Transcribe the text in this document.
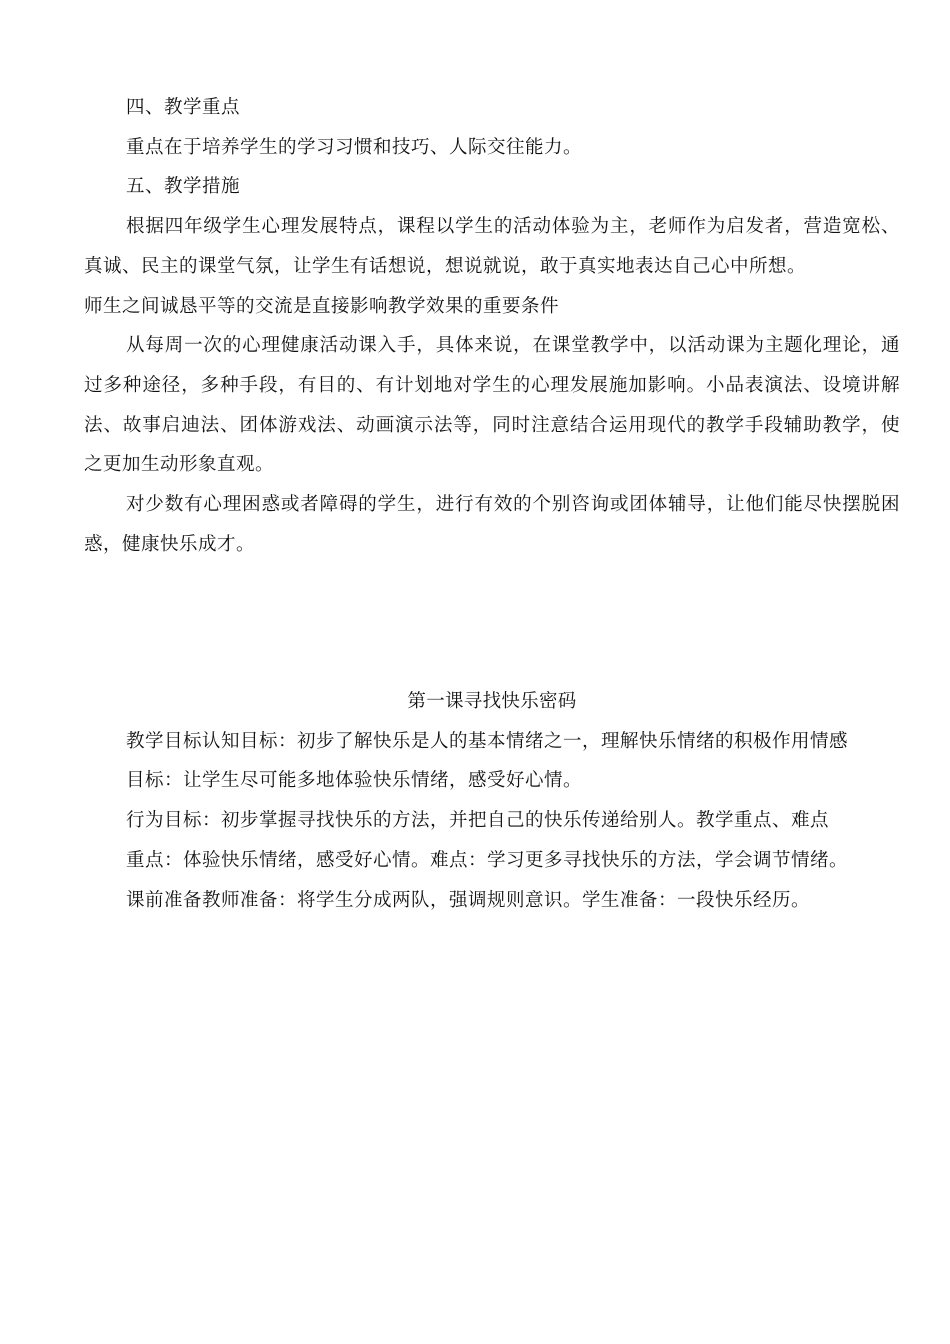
四、教学重点

重点在于培养学生的学习习惯和技巧、人际交往能力。

五、教学措施

根据四年级学生心理发展特点，课程以学生的活动体验为主，老师作为启发者，营造宽松、真诚、民主的课堂气氛，让学生有话想说，想说就说，敢于真实地表达自己心中所想。

师生之间诚恳平等的交流是直接影响教学效果的重要条件

从每周一次的心理健康活动课入手，具体来说，在课堂教学中，以活动课为主题化理论，通过多种途径，多种手段，有目的、有计划地对学生的心理发展施加影响。小品表演法、设境讲解法、故事启迪法、团体游戏法、动画演示法等，同时注意结合运用现代的教学手段辅助教学，使之更加生动形象直观。

对少数有心理困惑或者障碍的学生，进行有效的个别咨询或团体辅导，让他们能尽快摆脱困惑，健康快乐成才。

第一课寻找快乐密码

教学目标认知目标：初步了解快乐是人的基本情绪之一，理解快乐情绪的积极作用情感

目标：让学生尽可能多地体验快乐情绪，感受好心情。

行为目标：初步掌握寻找快乐的方法，并把自己的快乐传递给别人。教学重点、难点

重点：体验快乐情绪，感受好心情。难点：学习更多寻找快乐的方法，学会调节情绪。

课前准备教师准备：将学生分成两队，强调规则意识。学生准备：一段快乐经历。
